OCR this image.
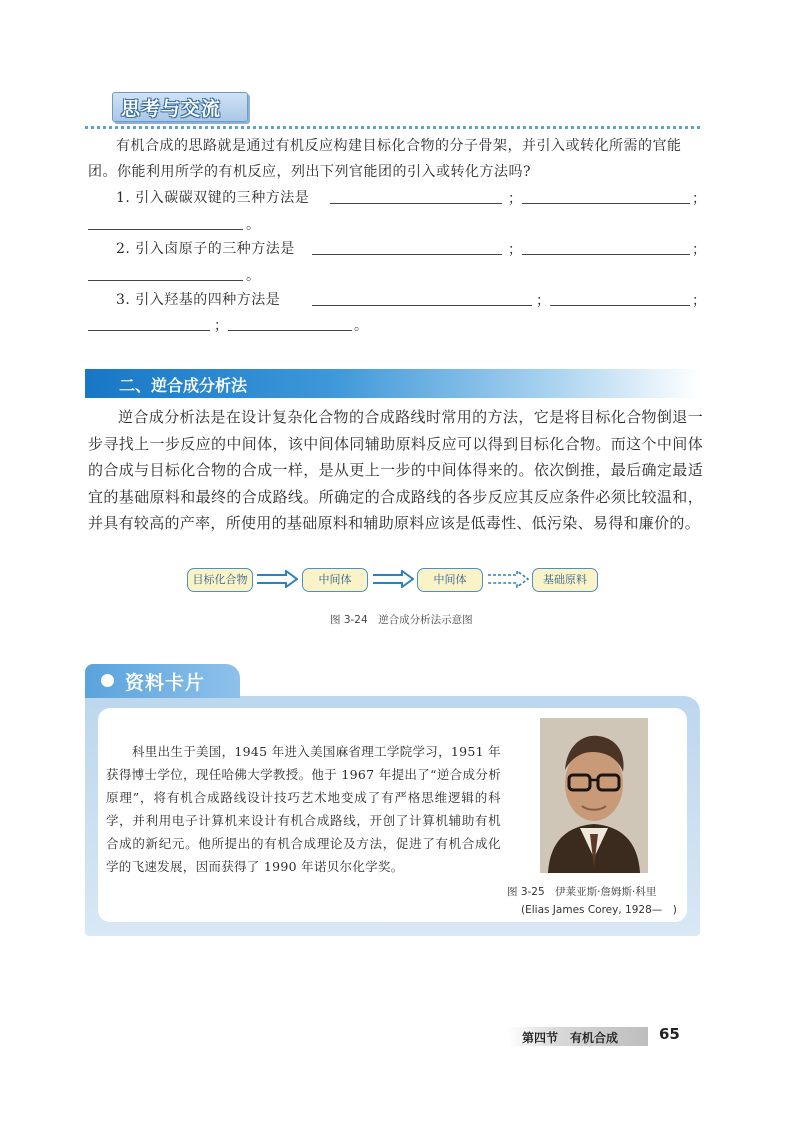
思考与交流
有机合成的思路就是通过有机反应构建目标化合物的分子骨架，并引入或转化所需的官能团。你能利用所学的有机反应，列出下列官能团的引入或转化方法吗?
1. 引入碳碳双键的三种方法是	；	；
。
2. 引入卤原子的三种方法是	；	；
。
3. 引入羟基的四种方法是	；	；
；	。
二、逆合成分析法
逆合成分析法是在设计复杂化合物的合成路线时常用的方法，它是将目标化合物倒退一步寻找上一步反应的中间体，该中间体同辅助原料反应可以得到目标化合物。而这个中间体的合成与目标化合物的合成一样，是从更上一步的中间体得来的。依次倒推，最后确定最适宜的基础原料和最终的合成路线。所确定的合成路线的各步反应其反应条件必须比较温和，并具有较高的产率，所使用的基础原料和辅助原料应该是低毒性、低污染、易得和廉价的。
目标化合物	中间体	中间体	基础原料
图 3-24　逆合成分析法示意图
资料卡片
科里出生于美国，1945 年进入美国麻省理工学院学习，1951 年获得博士学位，现任哈佛大学教授。他于 1967 年提出了“逆合成分析原理”，将有机合成路线设计技巧艺术地变成了有严格思维逻辑的科学，并利用电子计算机来设计有机合成路线，开创了计算机辅助有机合成的新纪元。他所提出的有机合成理论及方法，促进了有机合成化学的飞速发展，因而获得了 1990 年诺贝尔化学奖。
图 3-25　伊莱亚斯·詹姆斯·科里
(Elias James Corey, 1928—　)
第四节　有机合成	65
